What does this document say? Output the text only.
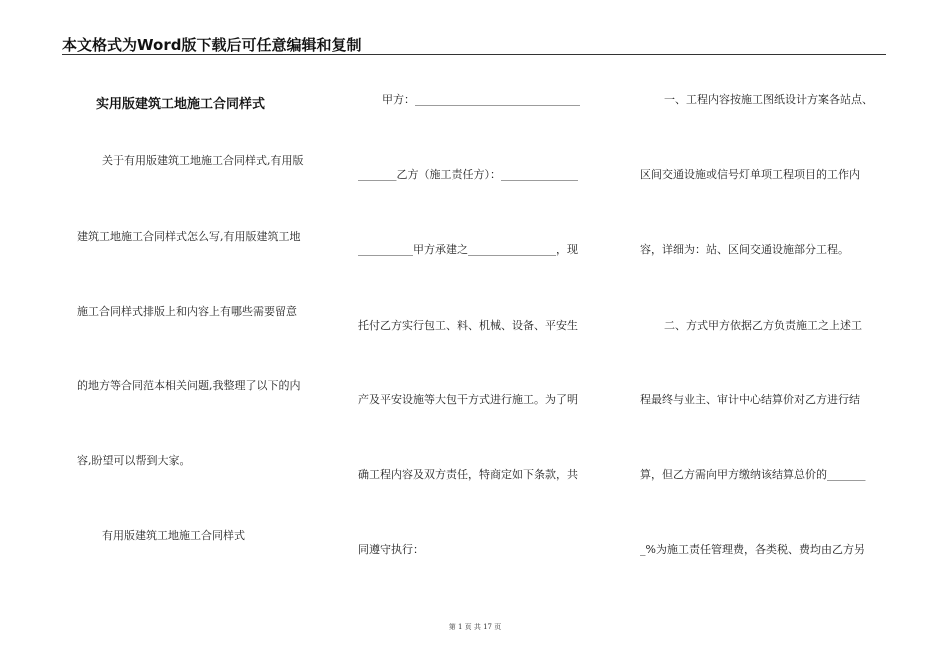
本文格式为Word版下载后可任意编辑和复制
实用版建筑工地施工合同样式
关于有用版建筑工地施工合同样式,有用版
建筑工地施工合同样式怎么写,有用版建筑工地
施工合同样式排版上和内容上有哪些需要留意
的地方等合同范本相关问题,我整理了以下的内
容,盼望可以帮到大家。
有用版建筑工地施工合同样式
甲方：______________________________
_______乙方（施工责任方）：______________
__________甲方承建之________________，现
托付乙方实行包工、料、机械、设备、平安生
产及平安设施等大包干方式进行施工。为了明
确工程内容及双方责任，特商定如下条款，共
同遵守执行：
一、工程内容按施工图纸设计方案各站点、
区间交通设施或信号灯单项工程项目的工作内
容，详细为：站、区间交通设施部分工程。
二、方式甲方依据乙方负责施工之上述工
程最终与业主、审计中心结算价对乙方进行结
算，但乙方需向甲方缴纳该结算总价的_______
_%为施工责任管理费，各类税、费均由乙方另
第 1 页 共 17 页
